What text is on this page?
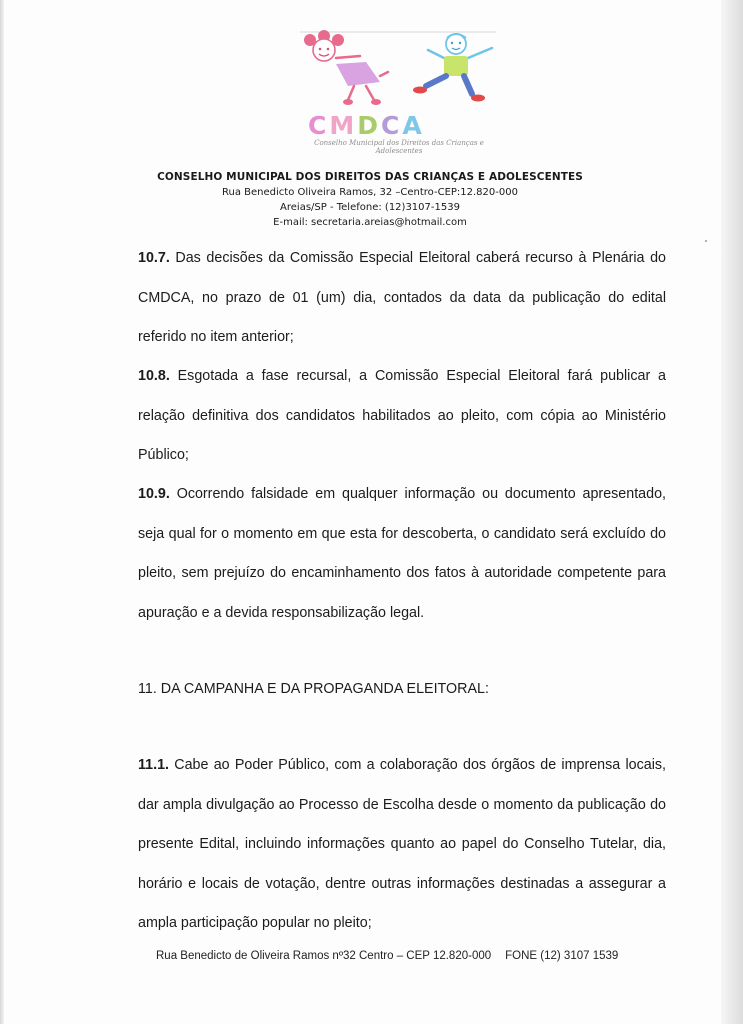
CMDCA
Conselho Municipal dos Direitos das Crianças e Adolescentes
CONSELHO MUNICIPAL DOS DIREITOS DAS CRIANÇAS E ADOLESCENTES
Rua Benedicto Oliveira Ramos, 32 –Centro-CEP:12.820-000
Areias/SP - Telefone: (12)3107-1539
E-mail: secretaria.areias@hotmail.com

10.7. Das decisões da Comissão Especial Eleitoral caberá recurso à Plenária do CMDCA, no prazo de 01 (um) dia, contados da data da publicação do edital referido no item anterior;

10.8. Esgotada a fase recursal, a Comissão Especial Eleitoral fará publicar a relação definitiva dos candidatos habilitados ao pleito, com cópia ao Ministério Público;

10.9. Ocorrendo falsidade em qualquer informação ou documento apresentado, seja qual for o momento em que esta for descoberta, o candidato será excluído do pleito, sem prejuízo do encaminhamento dos fatos à autoridade competente para apuração e a devida responsabilização legal.

11. DA CAMPANHA E DA PROPAGANDA ELEITORAL:

11.1. Cabe ao Poder Público, com a colaboração dos órgãos de imprensa locais, dar ampla divulgação ao Processo de Escolha desde o momento da publicação do presente Edital, incluindo informações quanto ao papel do Conselho Tutelar, dia, horário e locais de votação, dentre outras informações destinadas a assegurar a ampla participação popular no pleito;

Rua Benedicto de Oliveira Ramos nº32 Centro – CEP 12.820-000 FONE (12) 3107 1539
